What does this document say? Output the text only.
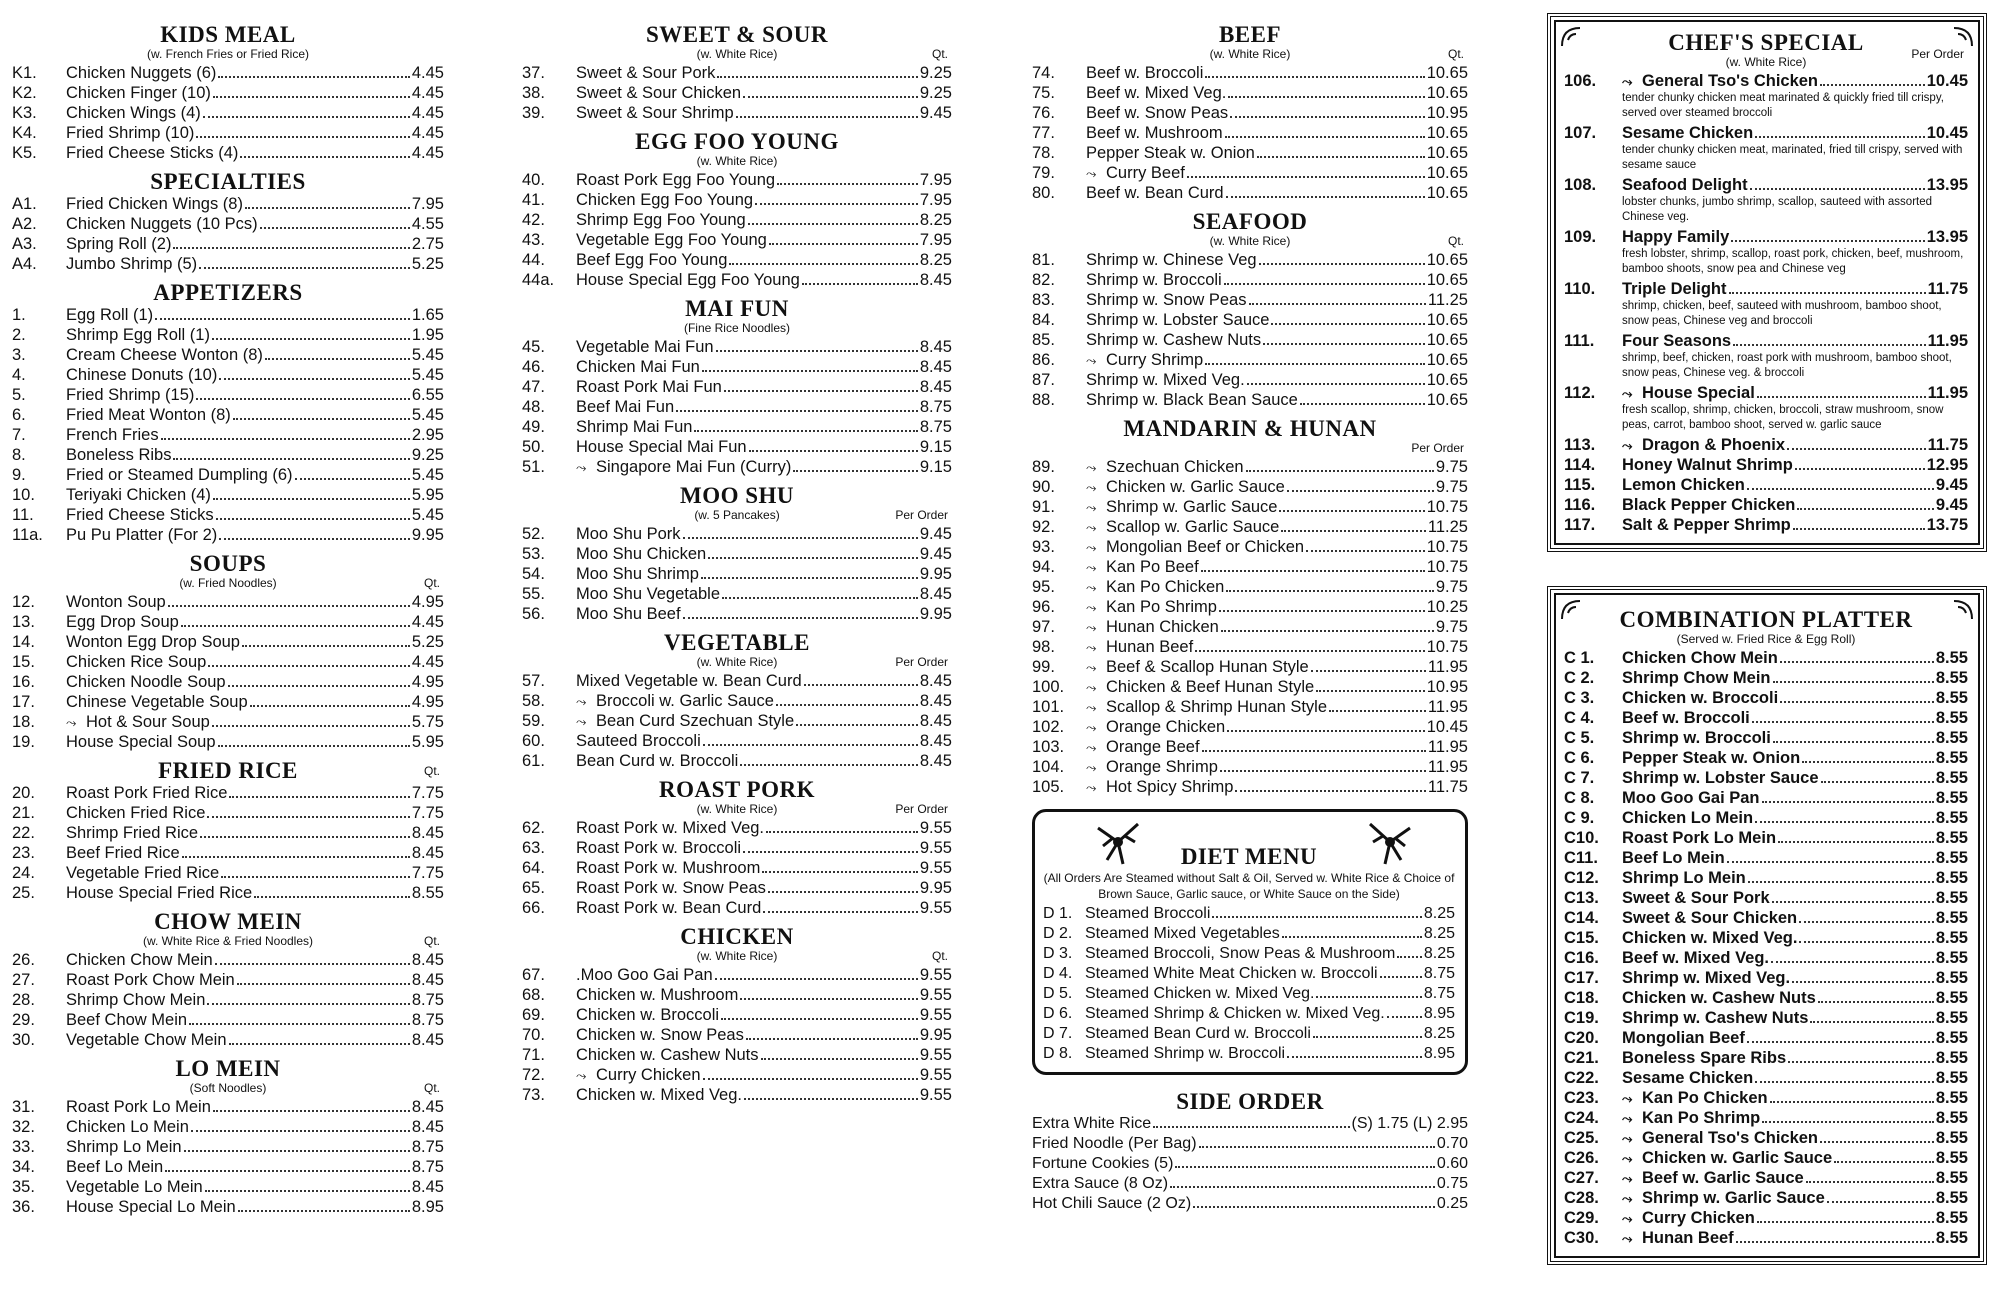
KIDS MEAL
(w. French Fries or Fried Rice)
K1.	Chicken Nuggets (6)	4.45
K2.	Chicken Finger (10)	4.45
K3.	Chicken Wings (4)	4.45
K4.	Fried Shrimp (10)	4.45
K5.	Fried Cheese Sticks (4)	4.45
SPECIALTIES
A1.	Fried Chicken Wings (8)	7.95
A2.	Chicken Nuggets (10 Pcs)	4.55
A3.	Spring Roll (2)	2.75
A4.	Jumbo Shrimp (5)	5.25
APPETIZERS
1.	Egg Roll (1)	1.65
2.	Shrimp Egg Roll (1)	1.95
3.	Cream Cheese Wonton (8)	5.45
4.	Chinese Donuts (10)	5.45
5.	Fried Shrimp (15)	6.55
6.	Fried Meat Wonton (8)	5.45
7.	French Fries	2.95
8.	Boneless Ribs	9.25
9.	Fried or Steamed Dumpling (6)	5.45
10.	Teriyaki Chicken (4)	5.95
11.	Fried Cheese Sticks	5.45
11a.	Pu Pu Platter (For 2)	9.95
SOUPS
(w. Fried Noodles)	Qt.
12.	Wonton Soup	4.95
13.	Egg Drop Soup	4.45
14.	Wonton Egg Drop Soup	5.25
15.	Chicken Rice Soup	4.45
16.	Chicken Noodle Soup	4.95
17.	Chinese Vegetable Soup	4.95
18.	⤳ Hot & Sour Soup	5.75
19.	House Special Soup	5.95
FRIED RICE	Qt.
20.	Roast Pork Fried Rice	7.75
21.	Chicken Fried Rice	7.75
22.	Shrimp Fried Rice	8.45
23.	Beef Fried Rice	8.45
24.	Vegetable Fried Rice	7.75
25.	House Special Fried Rice	8.55
CHOW MEIN
(w. White Rice & Fried Noodles)	Qt.
26.	Chicken Chow Mein	8.45
27.	Roast Pork Chow Mein	8.45
28.	Shrimp Chow Mein	8.75
29.	Beef Chow Mein	8.75
30.	Vegetable Chow Mein	8.45
LO MEIN
(Soft Noodles)	Qt.
31.	Roast Pork Lo Mein	8.45
32.	Chicken Lo Mein	8.45
33.	Shrimp Lo Mein	8.75
34.	Beef Lo Mein	8.75
35.	Vegetable Lo Mein	8.45
36.	House Special Lo Mein	8.95
SWEET & SOUR
(w. White Rice)	Qt.
37.	Sweet & Sour Pork	9.25
38.	Sweet & Sour Chicken	9.25
39.	Sweet & Sour Shrimp	9.45
EGG FOO YOUNG
(w. White Rice)
40.	Roast Pork Egg Foo Young	7.95
41.	Chicken Egg Foo Young	7.95
42.	Shrimp Egg Foo Young	8.25
43.	Vegetable Egg Foo Young	7.95
44.	Beef Egg Foo Young	8.25
44a.	House Special Egg Foo Young	8.45
MAI FUN
(Fine Rice Noodles)
45.	Vegetable Mai Fun	8.45
46.	Chicken Mai Fun	8.45
47.	Roast Pork Mai Fun	8.45
48.	Beef Mai Fun	8.75
49.	Shrimp Mai Fun	8.75
50.	House Special Mai Fun	9.15
51.	⤳ Singapore Mai Fun (Curry)	9.15
MOO SHU
(w. 5 Pancakes)	Per Order
52.	Moo Shu Pork	9.45
53.	Moo Shu Chicken	9.45
54.	Moo Shu Shrimp	9.95
55.	Moo Shu Vegetable	8.45
56.	Moo Shu Beef	9.95
VEGETABLE
(w. White Rice)	Per Order
57.	Mixed Vegetable w. Bean Curd	8.45
58.	⤳ Broccoli w. Garlic Sauce	8.45
59.	⤳ Bean Curd Szechuan Style	8.45
60.	Sauteed Broccoli	8.45
61.	Bean Curd w. Broccoli	8.45
ROAST PORK
(w. White Rice)	Per Order
62.	Roast Pork w. Mixed Veg.	9.55
63.	Roast Pork w. Broccoli	9.55
64.	Roast Pork w. Mushroom	9.55
65.	Roast Pork w. Snow Peas	9.95
66.	Roast Pork w. Bean Curd	9.55
CHICKEN
(w. White Rice)	Qt.
67.	.Moo Goo Gai Pan	9.55
68.	Chicken w. Mushroom	9.55
69.	Chicken w. Broccoli	9.55
70.	Chicken w. Snow Peas	9.95
71.	Chicken w. Cashew Nuts	9.55
72.	⤳ Curry Chicken	9.55
73.	Chicken w. Mixed Veg.	9.55
BEEF
(w. White Rice)	Qt.
74.	Beef w. Broccoli	10.65
75.	Beef w. Mixed Veg.	10.65
76.	Beef w. Snow Peas	10.95
77.	Beef w. Mushroom	10.65
78.	Pepper Steak w. Onion	10.65
79.	⤳ Curry Beef	10.65
80.	Beef w. Bean Curd	10.65
SEAFOOD
(w. White Rice)	Qt.
81.	Shrimp w. Chinese Veg	10.65
82.	Shrimp w. Broccoli	10.65
83.	Shrimp w. Snow Peas	11.25
84.	Shrimp w. Lobster Sauce	10.65
85.	Shrimp w. Cashew Nuts	10.65
86.	⤳ Curry Shrimp	10.65
87.	Shrimp w. Mixed Veg.	10.65
88.	Shrimp w. Black Bean Sauce	10.65
MANDARIN & HUNAN
Per Order
89.	⤳ Szechuan Chicken	9.75
90.	⤳ Chicken w. Garlic Sauce	9.75
91.	⤳ Shrimp w. Garlic Sauce	10.75
92.	⤳ Scallop w. Garlic Sauce	11.25
93.	⤳ Mongolian Beef or Chicken	10.75
94.	⤳ Kan Po Beef	10.75
95.	⤳ Kan Po Chicken	9.75
96.	⤳ Kan Po Shrimp	10.25
97.	⤳ Hunan Chicken	9.75
98.	⤳ Hunan Beef	10.75
99.	⤳ Beef & Scallop Hunan Style	11.95
100.	⤳ Chicken & Beef Hunan Style	10.95
101.	⤳ Scallop & Shrimp Hunan Style	11.95
102.	⤳ Orange Chicken	10.45
103.	⤳ Orange Beef	11.95
104.	⤳ Orange Shrimp	11.95
105.	⤳ Hot Spicy Shrimp	11.75
DIET MENU
(All Orders Are Steamed without Salt & Oil, Served w. White Rice & Choice of Brown Sauce, Garlic sauce, or White Sauce on the Side)
D 1. Steamed Broccoli	8.25
D 2. Steamed Mixed Vegetables	8.25
D 3. Steamed Broccoli, Snow Peas & Mushroom 8.25
D 4. Steamed White Meat Chicken w. Broccoli	8.75
D 5. Steamed Chicken w. Mixed Veg.	8.75
D 6. Steamed Shrimp & Chicken w. Mixed Veg. 8.95
D 7. Steamed Bean Curd w. Broccoli	8.25
D 8. Steamed Shrimp w. Broccoli	8.95
SIDE ORDER
Extra White Rice	(S) 1.75 (L) 2.95
Fried Noodle (Per Bag)	0.70
Fortune Cookies (5)	0.60
Extra Sauce (8 Oz)	0.75
Hot Chili Sauce (2 Oz)	0.25
CHEF'S SPECIAL
(w. White Rice)
Per Order
106.	⤳ General Tso's Chicken	10.45
tender chunky chicken meat marinated & quickly fried till crispy, served over steamed broccoli
107.	Sesame Chicken	10.45
tender chunky chicken meat, marinated, fried till crispy, served with sesame sauce
108.	Seafood Delight	13.95
lobster chunks, jumbo shrimp, scallop, sauteed with assorted Chinese veg.
109.	Happy Family	13.95
fresh lobster, shrimp, scallop, roast pork, chicken, beef, mushroom, bamboo shoots, snow pea and Chinese veg
110.	Triple Delight	11.75
shrimp, chicken, beef, sauteed with mushroom, bamboo shoot, snow peas, Chinese veg and broccoli
111.	Four Seasons	11.95
shrimp, beef, chicken, roast pork with mushroom, bamboo shoot, snow peas, Chinese veg. & broccoli
112.	⤳ House Special	11.95
fresh scallop, shrimp, chicken, broccoli, straw mushroom, snow peas, carrot, bamboo shoot, served w. garlic sauce
113.	⤳ Dragon & Phoenix	11.75
114.	Honey Walnut Shrimp	12.95
115.	Lemon Chicken	9.45
116.	Black Pepper Chicken	9.45
117.	Salt & Pepper Shrimp	13.75
COMBINATION PLATTER
(Served w. Fried Rice & Egg Roll)
C 1.	Chicken Chow Mein	8.55
C 2.	Shrimp Chow Mein	8.55
C 3.	Chicken w. Broccoli	8.55
C 4.	Beef w. Broccoli	8.55
C 5.	Shrimp w. Broccoli	8.55
C 6.	Pepper Steak w. Onion	8.55
C 7.	Shrimp w. Lobster Sauce	8.55
C 8.	Moo Goo Gai Pan	8.55
C 9.	Chicken Lo Mein	8.55
C10.	Roast Pork Lo Mein	8.55
C11.	Beef Lo Mein	8.55
C12.	Shrimp Lo Mein	8.55
C13.	Sweet & Sour Pork	8.55
C14.	Sweet & Sour Chicken	8.55
C15.	Chicken w. Mixed Veg.	8.55
C16.	Beef w. Mixed Veg.	8.55
C17.	Shrimp w. Mixed Veg.	8.55
C18.	Chicken w. Cashew Nuts	8.55
C19.	Shrimp w. Cashew Nuts	8.55
C20.	Mongolian Beef	8.55
C21.	Boneless Spare Ribs	8.55
C22.	Sesame Chicken	8.55
C23.	⤳ Kan Po Chicken	8.55
C24.	⤳ Kan Po Shrimp	8.55
C25.	⤳ General Tso's Chicken	8.55
C26.	⤳ Chicken w. Garlic Sauce	8.55
C27.	⤳ Beef w. Garlic Sauce	8.55
C28.	⤳ Shrimp w. Garlic Sauce	8.55
C29.	⤳ Curry Chicken	8.55
C30.	⤳ Hunan Beef	8.55
